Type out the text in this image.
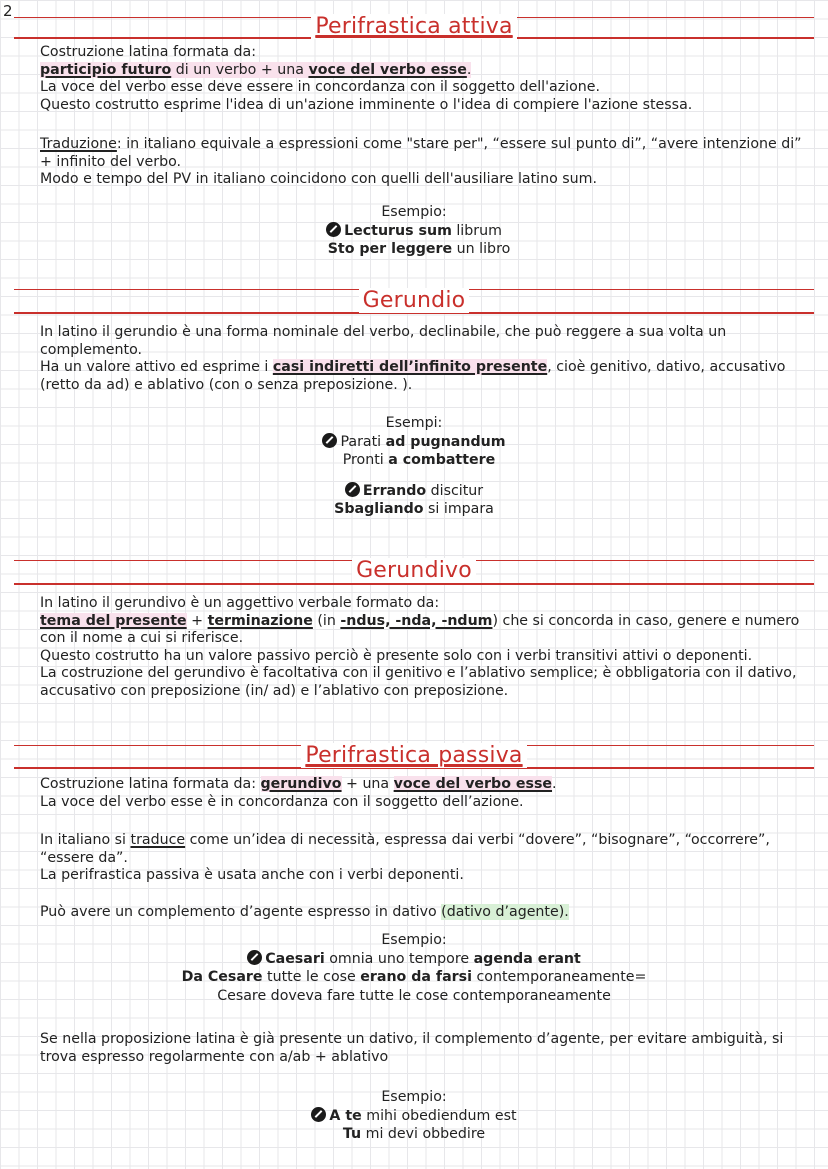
2
Perifrastica attiva

Costruzione latina formata da:

participio futuro di un verbo + una voce del verbo esse.

La voce del verbo esse deve essere in concordanza con il soggetto dell'azione.

Questo costrutto esprime l'idea di un'azione imminente o l'idea di compiere l'azione stessa.

Traduzione: in italiano equivale a espressioni come "stare per", “essere sul punto di”, “avere intenzione di” + infinito del verbo.

Modo e tempo del PV in italiano coincidono con quelli dell'ausiliare latino sum.

Esempio:

Lecturus sum librum

Sto per leggere un libro

Gerundio

In latino il gerundio è una forma nominale del verbo, declinabile, che può reggere a sua volta un complemento.

Ha un valore attivo ed esprime i casi indiretti dell’infinito presente, cioè genitivo, dativo, accusativo (retto da ad) e ablativo (con o senza preposizione. ).

Esempi:

Parati ad pugnandum

Pronti a combattere

Errando discitur

Sbagliando si impara

Gerundivo

In latino il gerundivo è un aggettivo verbale formato da:

tema del presente + terminazione (in -ndus, -nda, -ndum) che si concorda in caso, genere e numero con il nome a cui si riferisce.

Questo costrutto ha un valore passivo perciò è presente solo con i verbi transitivi attivi o deponenti.

La costruzione del gerundivo è facoltativa con il genitivo e l’ablativo semplice; è obbligatoria con il dativo, accusativo con preposizione (in/ ad) e l’ablativo con preposizione.

Perifrastica passiva

Costruzione latina formata da: gerundivo + una voce del verbo esse.

La voce del verbo esse è in concordanza con il soggetto dell’azione.

In italiano si traduce come un’idea di necessità, espressa dai verbi “dovere”, “bisognare”, “occorrere”, “essere da”.

La perifrastica passiva è usata anche con i verbi deponenti.

Può avere un complemento d’agente espresso in dativo (dativo d’agente).

Esempio:

Caesari omnia uno tempore agenda erant

Da Cesare tutte le cose erano da farsi contemporaneamente=

Cesare doveva fare tutte le cose contemporaneamente

Se nella proposizione latina è già presente un dativo, il complemento d’agente, per evitare ambiguità, si trova espresso regolarmente con a/ab + ablativo

Esempio:

A te mihi obediendum est

Tu mi devi obbedire
